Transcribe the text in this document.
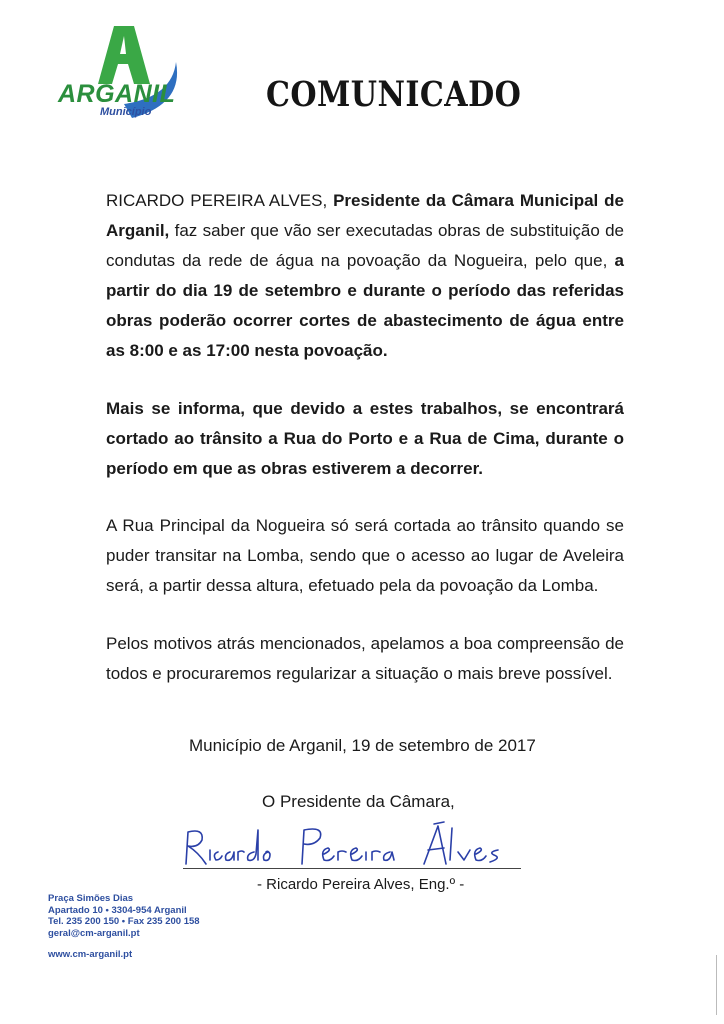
ARGANIL
Município	COMUNICADO
RICARDO PEREIRA ALVES, Presidente da Câmara Municipal de Arganil, faz saber que vão ser executadas obras de substituição de condutas da rede de água na povoação da Nogueira, pelo que, a partir do dia 19 de setembro e durante o período das referidas obras poderão ocorrer cortes de abastecimento de água entre as 8:00 e as 17:00 nesta povoação.
Mais se informa, que devido a estes trabalhos, se encontrará cortado ao trânsito a Rua do Porto e a Rua de Cima, durante o período em que as obras estiverem a decorrer.
A Rua Principal da Nogueira só será cortada ao trânsito quando se puder transitar na Lomba, sendo que o acesso ao lugar de Aveleira será, a partir dessa altura, efetuado pela da povoação da Lomba.
Pelos motivos atrás mencionados, apelamos a boa compreensão de todos e procuraremos regularizar a situação o mais breve possível.
Município de Arganil, 19 de setembro de 2017
O Presidente da Câmara,
- Ricardo Pereira Alves, Eng.º -
Praça Simões Dias
Apartado 10 • 3304-954 Arganil
Tel. 235 200 150 • Fax 235 200 158
geral@cm-arganil.pt
www.cm-arganil.pt
